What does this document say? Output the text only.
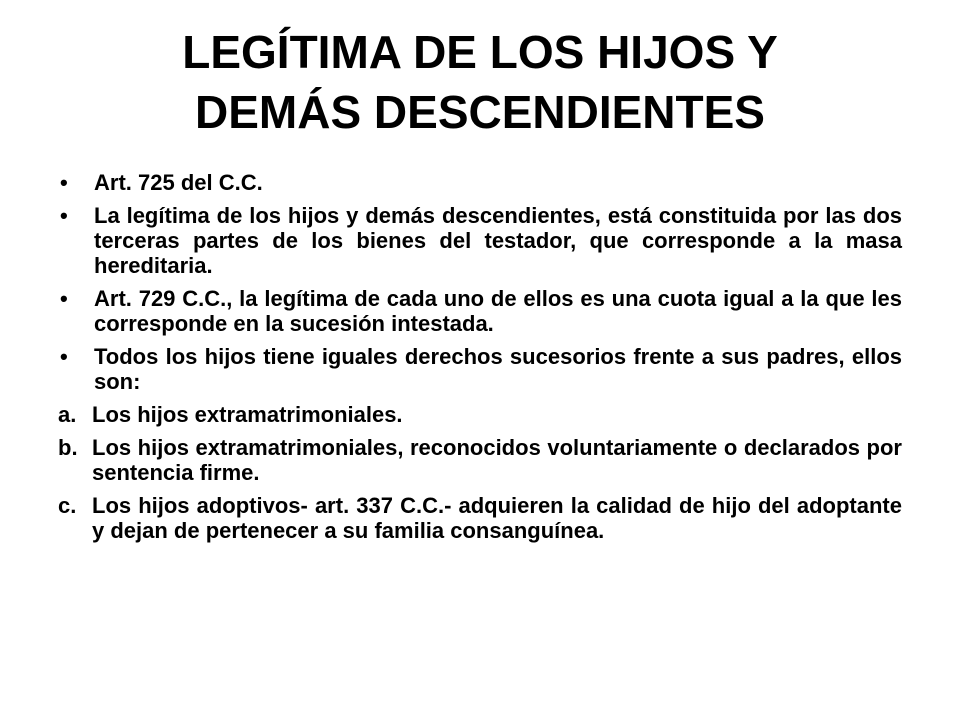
LEGÍTIMA DE LOS HIJOS Y
DEMÁS DESCENDIENTES
•	Art. 725 del C.C.
•	La legítima de los hijos y demás descendientes, está constituida por las dos terceras partes de los bienes del testador, que corresponde a la masa hereditaria.
•	Art. 729 C.C., la legítima de cada uno de ellos es una cuota igual a la que les corresponde en la sucesión intestada.
•	Todos los hijos tiene iguales derechos sucesorios frente a sus padres, ellos son:
a. Los hijos extramatrimoniales.
b. Los hijos extramatrimoniales, reconocidos voluntariamente o declarados por sentencia firme.
c. Los hijos adoptivos- art. 337 C.C.- adquieren la calidad de hijo del adoptante y dejan de pertenecer a su familia consanguínea.
